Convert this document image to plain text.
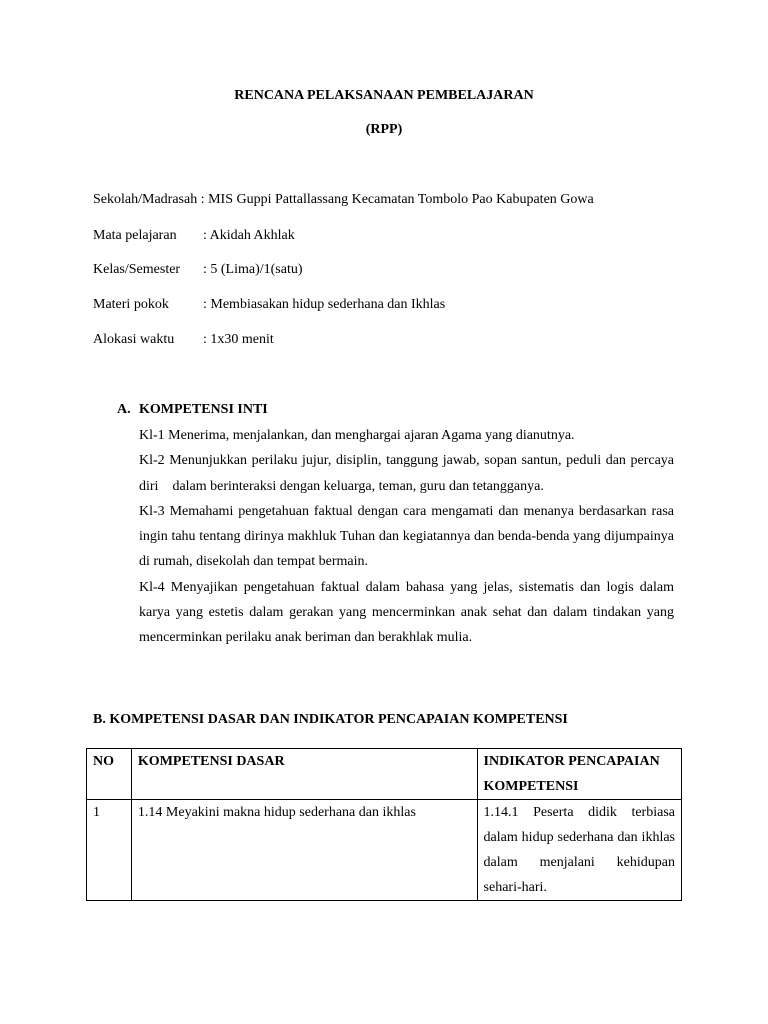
RENCANA PELAKSANAAN PEMBELAJARAN
(RPP)
Sekolah/Madrasah : MIS Guppi Pattallassang Kecamatan Tombolo Pao Kabupaten Gowa
Mata pelajaran : Akidah Akhlak
Kelas/Semester : 5 (Lima)/1(satu)
Materi pokok : Membiasakan hidup sederhana dan Ikhlas
Alokasi waktu : 1x30 menit
A. KOMPETENSI INTI

Kl-1 Menerima, menjalankan, dan menghargai ajaran Agama yang dianutnya.

Kl-2 Menunjukkan perilaku jujur, disiplin, tanggung jawab, sopan santun, peduli dan percaya diri    dalam berinteraksi dengan keluarga, teman, guru dan tetangganya.

Kl-3 Memahami pengetahuan faktual dengan cara mengamati dan menanya berdasarkan rasa ingin tahu tentang dirinya makhluk Tuhan dan kegiatannya dan benda-benda yang dijumpainya di rumah, disekolah dan tempat bermain.

Kl-4 Menyajikan pengetahuan faktual dalam bahasa yang jelas, sistematis dan logis dalam karya yang estetis dalam gerakan yang mencerminkan anak sehat dan dalam tindakan yang mencerminkan perilaku anak beriman dan berakhlak mulia.

B. KOMPETENSI DASAR DAN INDIKATOR PENCAPAIAN KOMPETENSI
NO	KOMPETENSI DASAR	INDIKATOR PENCAPAIAN KOMPETENSI
1	1.14 Meyakini makna hidup sederhana dan ikhlas	1.14.1 Peserta didik terbiasa dalam hidup sederhana dan ikhlas dalam menjalani kehidupan sehari-hari.
